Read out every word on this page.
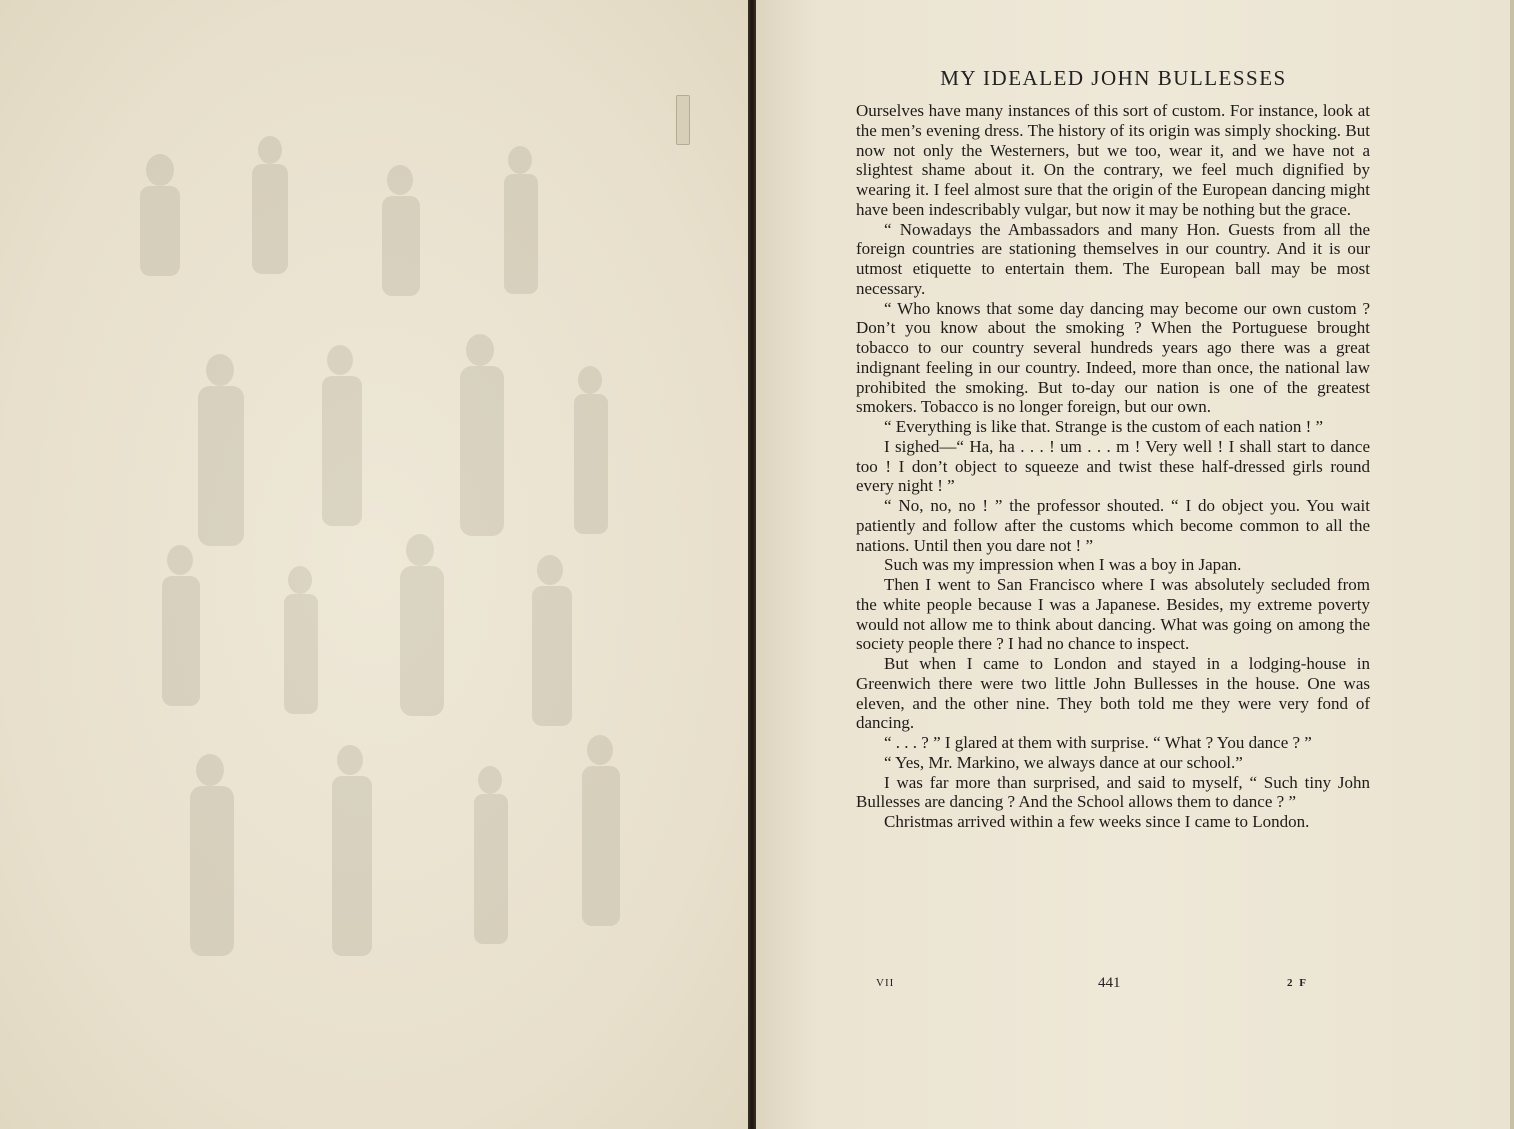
MY IDEALED JOHN BULLESSES

Ourselves have many instances of this sort of custom. For instance, look at the men’s evening dress. The history of its origin was simply shocking. But now not only the Westerners, but we too, wear it, and we have not a slightest shame about it. On the contrary, we feel much dignified by wearing it. I feel almost sure that the origin of the European dancing might have been indescribably vulgar, but now it may be nothing but the grace.

“ Nowadays the Ambassadors and many Hon. Guests from all the foreign countries are stationing themselves in our country. And it is our utmost etiquette to entertain them. The European ball may be most necessary.

“ Who knows that some day dancing may become our own custom ? Don’t you know about the smoking ? When the Portuguese brought tobacco to our country several hundreds years ago there was a great indignant feeling in our country. Indeed, more than once, the national law prohibited the smoking. But to-day our nation is one of the greatest smokers. Tobacco is no longer foreign, but our own.

“ Everything is like that. Strange is the custom of each nation ! ”

I sighed—“ Ha, ha . . . ! um . . . m ! Very well ! I shall start to dance too ! I don’t object to squeeze and twist these half-dressed girls round every night ! ”

“ No, no, no ! ” the professor shouted. “ I do object you. You wait patiently and follow after the customs which become common to all the nations. Until then you dare not ! ”

Such was my impression when I was a boy in Japan.

Then I went to San Francisco where I was absolutely secluded from the white people because I was a Japanese. Besides, my extreme poverty would not allow me to think about dancing. What was going on among the society people there ? I had no chance to inspect.

But when I came to London and stayed in a lodging-house in Greenwich there were two little John Bullesses in the house. One was eleven, and the other nine. They both told me they were very fond of dancing.

“ . . . ? ” I glared at them with surprise. “ What ? You dance ? ”

“ Yes, Mr. Markino, we always dance at our school.”

I was far more than surprised, and said to myself, “ Such tiny John Bullesses are dancing ? And the School allows them to dance ? ”

Christmas arrived within a few weeks since I came to London.

VII	441	2 F
